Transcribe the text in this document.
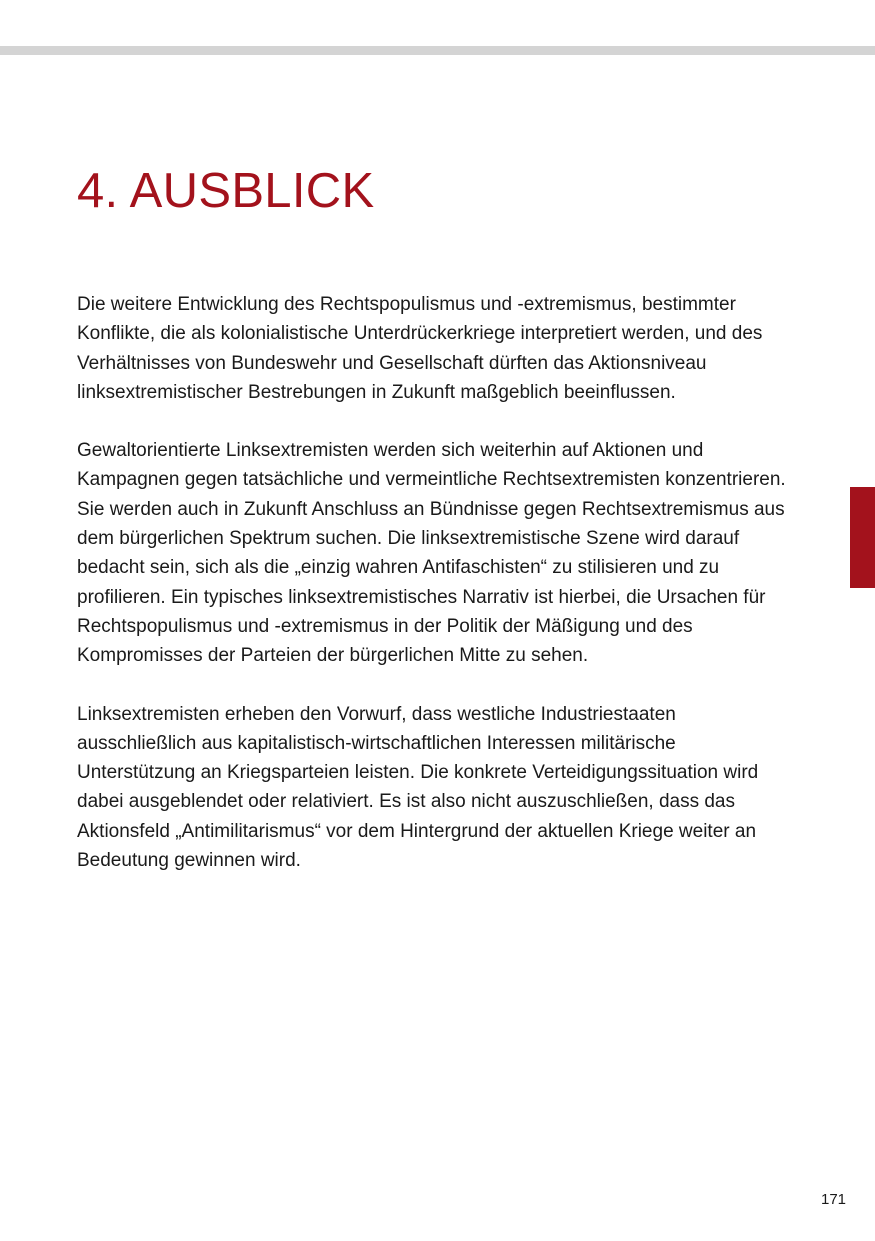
4. AUSBLICK

Die weitere Entwicklung des Rechtspopulismus und -extremismus, bestimmter Konflikte, die als kolonialistische Unterdrückerkriege interpretiert werden, und des Verhältnisses von Bundeswehr und Gesellschaft dürften das Aktionsniveau linksextremistischer Bestrebungen in Zukunft maßgeblich beeinflussen.

Gewaltorientierte Linksextremisten werden sich weiterhin auf Aktionen und Kampagnen gegen tatsächliche und vermeintliche Rechtsextremisten konzentrieren. Sie werden auch in Zukunft Anschluss an Bündnisse gegen Rechtsextremismus aus dem bürgerlichen Spektrum suchen. Die linksextremistische Szene wird darauf bedacht sein, sich als die „einzig wahren Antifaschisten“ zu stilisieren und zu profilieren. Ein typisches linksextremistisches Narrativ ist hierbei, die Ursachen für Rechtspopulismus und -extremismus in der Politik der Mäßigung und des Kompromisses der Parteien der bürgerlichen Mitte zu sehen.

Linksextremisten erheben den Vorwurf, dass westliche Industriestaaten ausschließlich aus kapitalistisch-wirtschaftlichen Interessen militärische Unterstützung an Kriegsparteien leisten. Die konkrete Verteidigungssituation wird dabei ausgeblendet oder relativiert. Es ist also nicht auszuschließen, dass das Aktionsfeld „Antimilitarismus“ vor dem Hintergrund der aktuellen Kriege weiter an Bedeutung gewinnen wird.

171
